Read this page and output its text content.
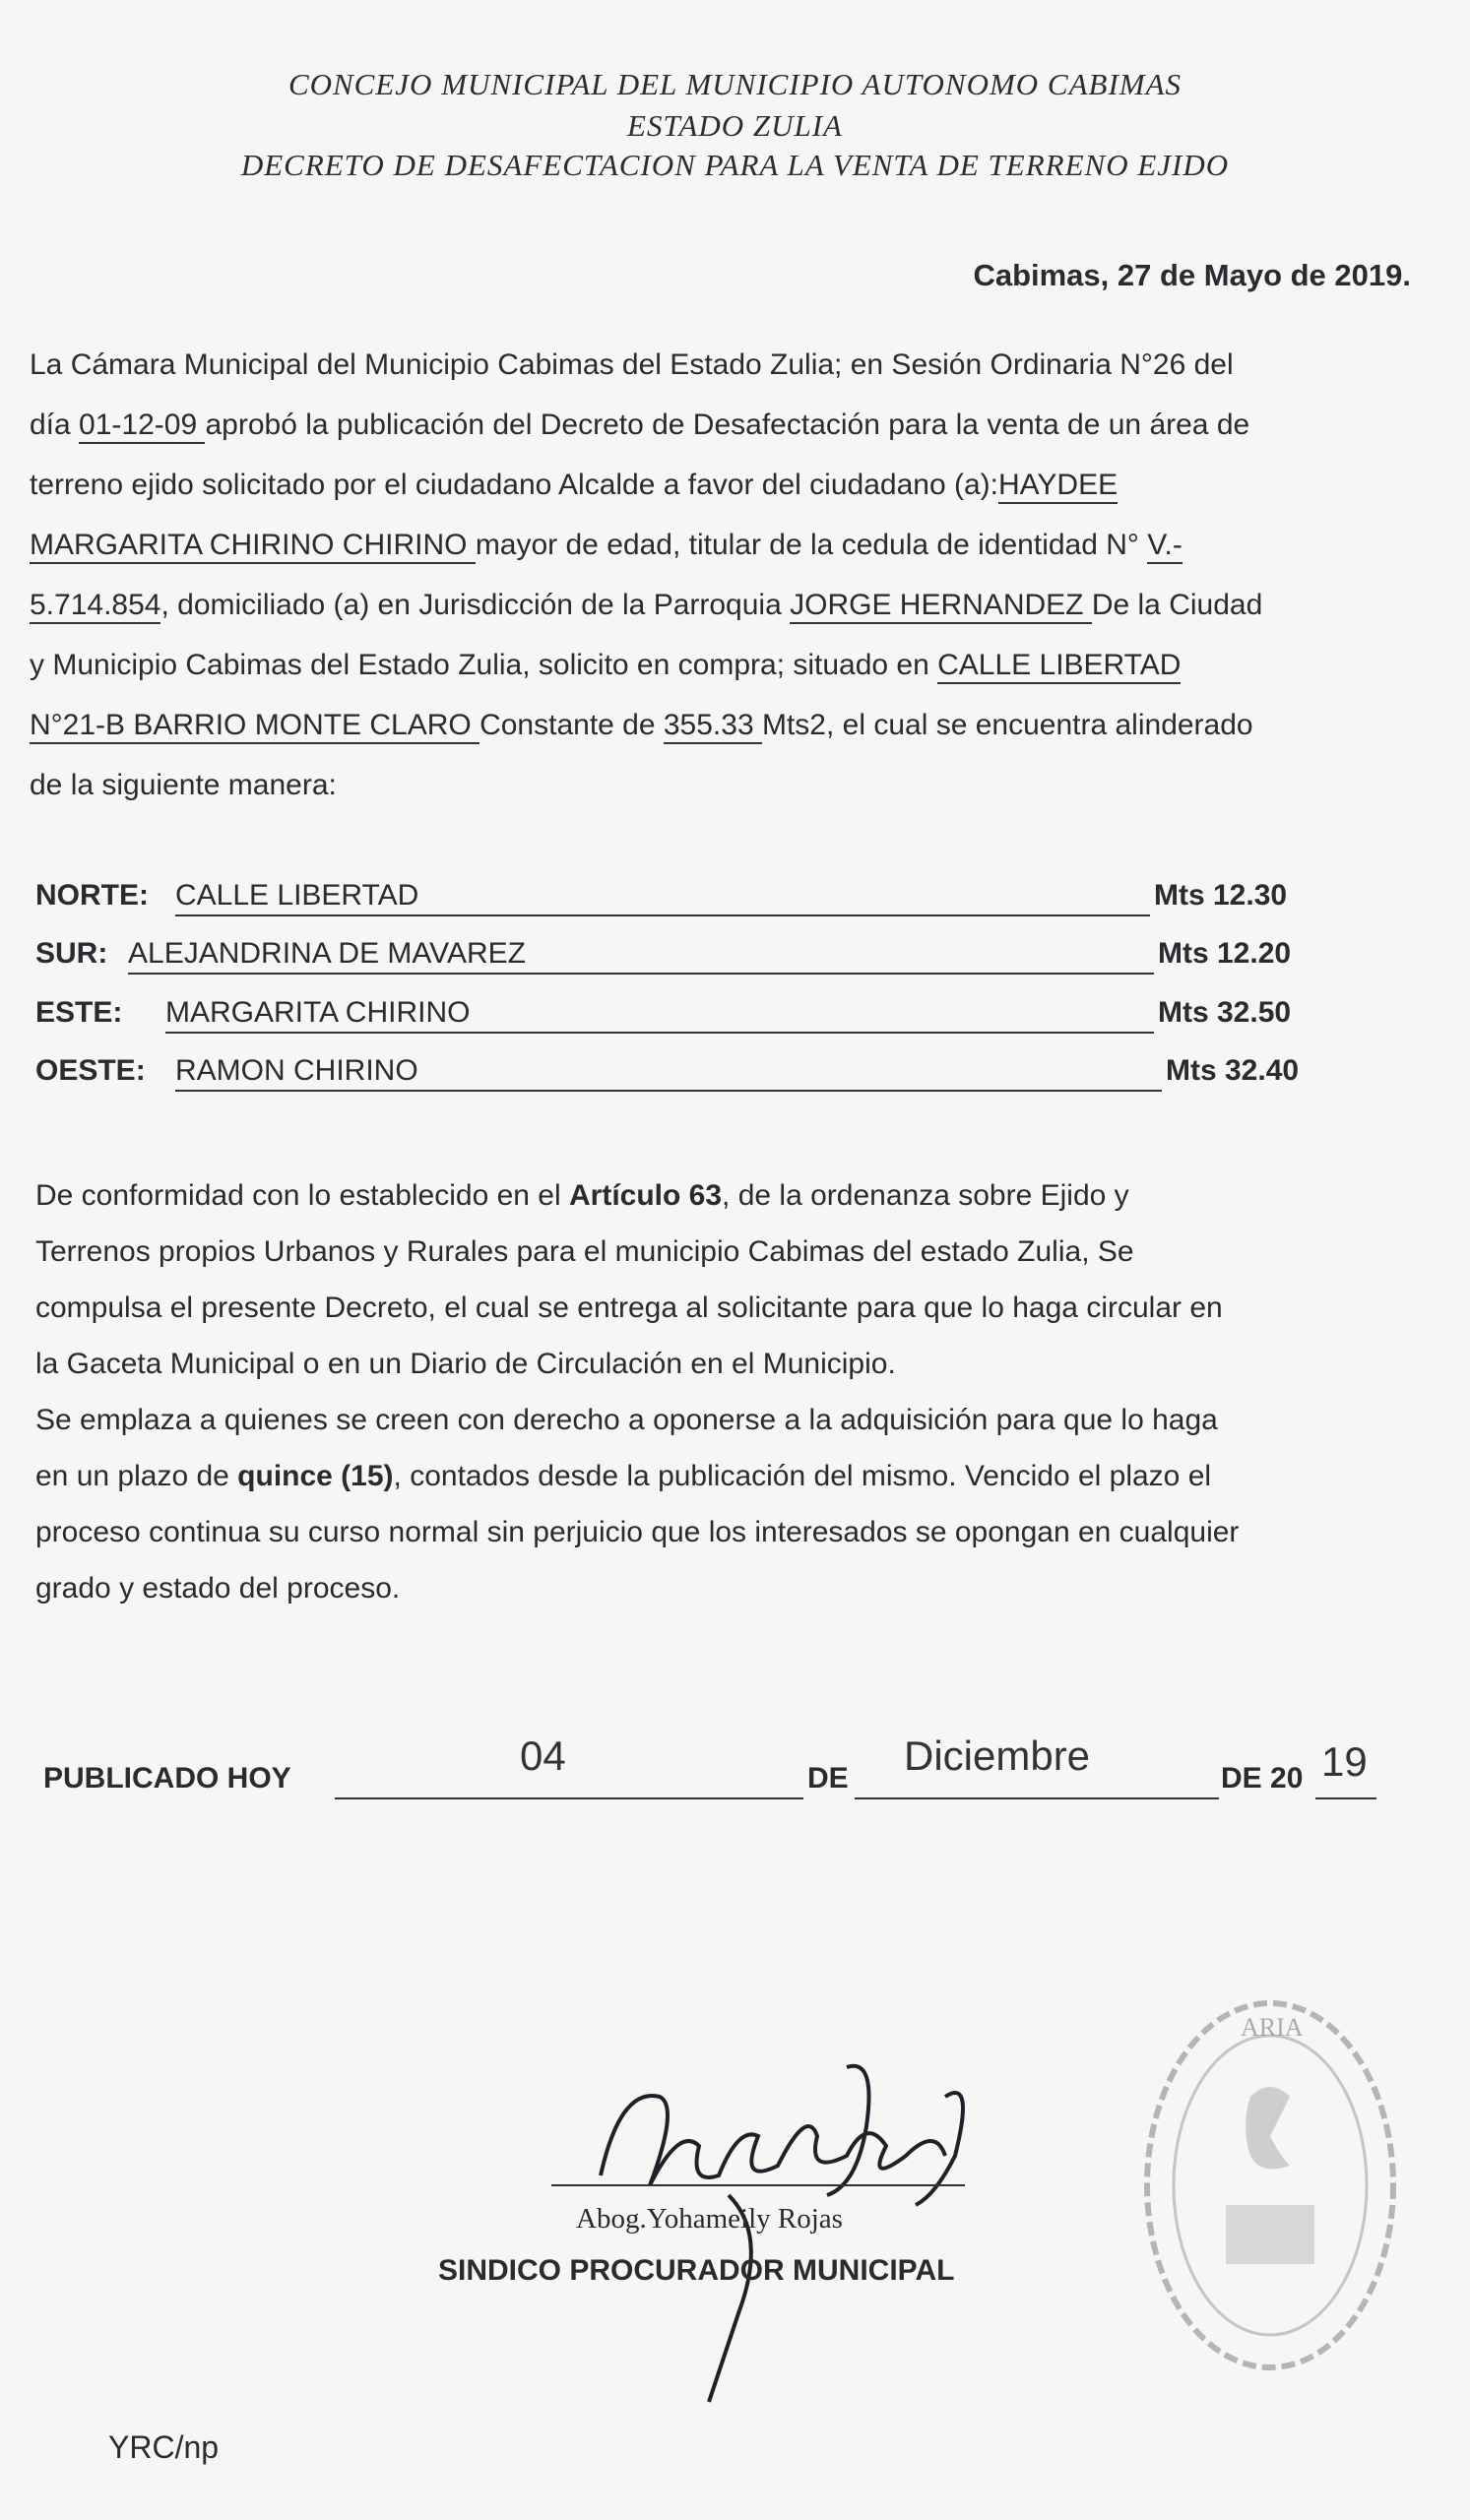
CONCEJO MUNICIPAL DEL MUNICIPIO AUTONOMO CABIMAS
ESTADO ZULIA
DECRETO DE DESAFECTACION PARA LA VENTA DE TERRENO EJIDO
Cabimas, 27 de Mayo de 2019.
La Cámara Municipal del Municipio Cabimas del Estado Zulia; en Sesión Ordinaria N°26 del
día 01-12-09 aprobó la publicación del Decreto de Desafectación para la venta de un área de
terreno ejido solicitado por el ciudadano Alcalde a favor del ciudadano (a):HAYDEE
MARGARITA CHIRINO CHIRINO mayor de edad, titular de la cedula de identidad N° V.-
5.714.854, domiciliado (a) en Jurisdicción de la Parroquia JORGE HERNANDEZ De la Ciudad
y Municipio Cabimas del Estado Zulia, solicito en compra; situado en CALLE LIBERTAD
N°21-B BARRIO MONTE CLARO Constante de 355.33 Mts2, el cual se encuentra alinderado
de la siguiente manera:
NORTE: CALLE LIBERTAD	Mts 12.30
SUR: ALEJANDRINA DE MAVAREZ	Mts 12.20
ESTE: MARGARITA CHIRINO	Mts 32.50
OESTE: RAMON CHIRINO	Mts 32.40
De conformidad con lo establecido en el Artículo 63, de la ordenanza sobre Ejido y
Terrenos propios Urbanos y Rurales para el municipio Cabimas del estado Zulia, Se
compulsa el presente Decreto, el cual se entrega al solicitante para que lo haga circular en
la Gaceta Municipal o en un Diario de Circulación en el Municipio.
Se emplaza a quienes se creen con derecho a oponerse a la adquisición para que lo haga
en un plazo de quince (15), contados desde la publicación del mismo. Vencido el plazo el
proceso continua su curso normal sin perjuicio que los interesados se opongan en cualquier
grado y estado del proceso.
PUBLICADO HOY	04	DE Diciembre	DE 20 19
ARIA
Abog.Yohameily Rojas
SINDICO PROCURADOR MUNICIPAL
YRC/np
